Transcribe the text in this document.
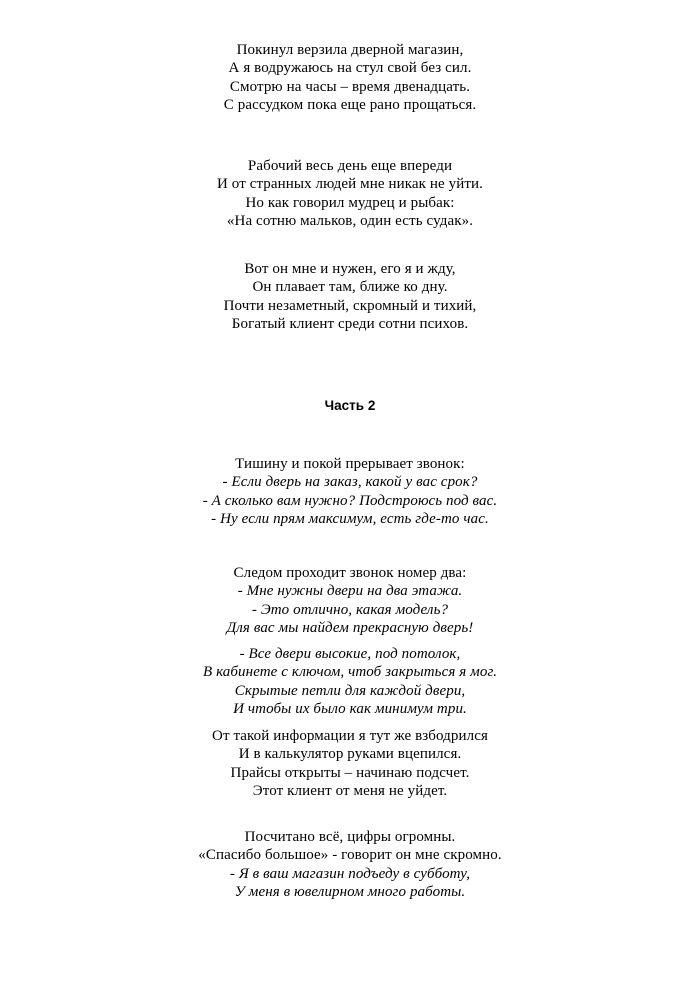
Покинул верзила дверной магазин,
А я водружаюсь на стул свой без сил.
Смотрю на часы – время двенадцать.
С рассудком пока еще рано прощаться.
Рабочий весь день еще впереди
И от странных людей мне никак не уйти.
Но как говорил мудрец и рыбак:
«На сотню мальков, один есть судак».
Вот он мне и нужен, его я и жду,
Он плавает там, ближе ко дну.
Почти незаметный, скромный и тихий,
Богатый клиент среди сотни психов.
Часть 2
Тишину и покой прерывает звонок:
- Если дверь на заказ, какой у вас срок?
- А сколько вам нужно? Подстроюсь под вас.
- Ну если прям максимум, есть где-то час.
Следом проходит звонок номер два:
- Мне нужны двери на два этажа.
- Это отлично, какая модель?
Для вас мы найдем прекрасную дверь!
- Все двери высокие, под потолок,
В кабинете с ключом, чтоб закрыться я мог.
Скрытые петли для каждой двери,
И чтобы их было как минимум три.
От такой информации я тут же взбодрился
И в калькулятор руками вцепился.
Прайсы открыты – начинаю подсчет.
Этот клиент от меня не уйдет.
Посчитано всё, цифры огромны.
«Спасибо большое» - говорит он мне скромно.
- Я в ваш магазин подъеду в субботу,
У меня в ювелирном много работы.
